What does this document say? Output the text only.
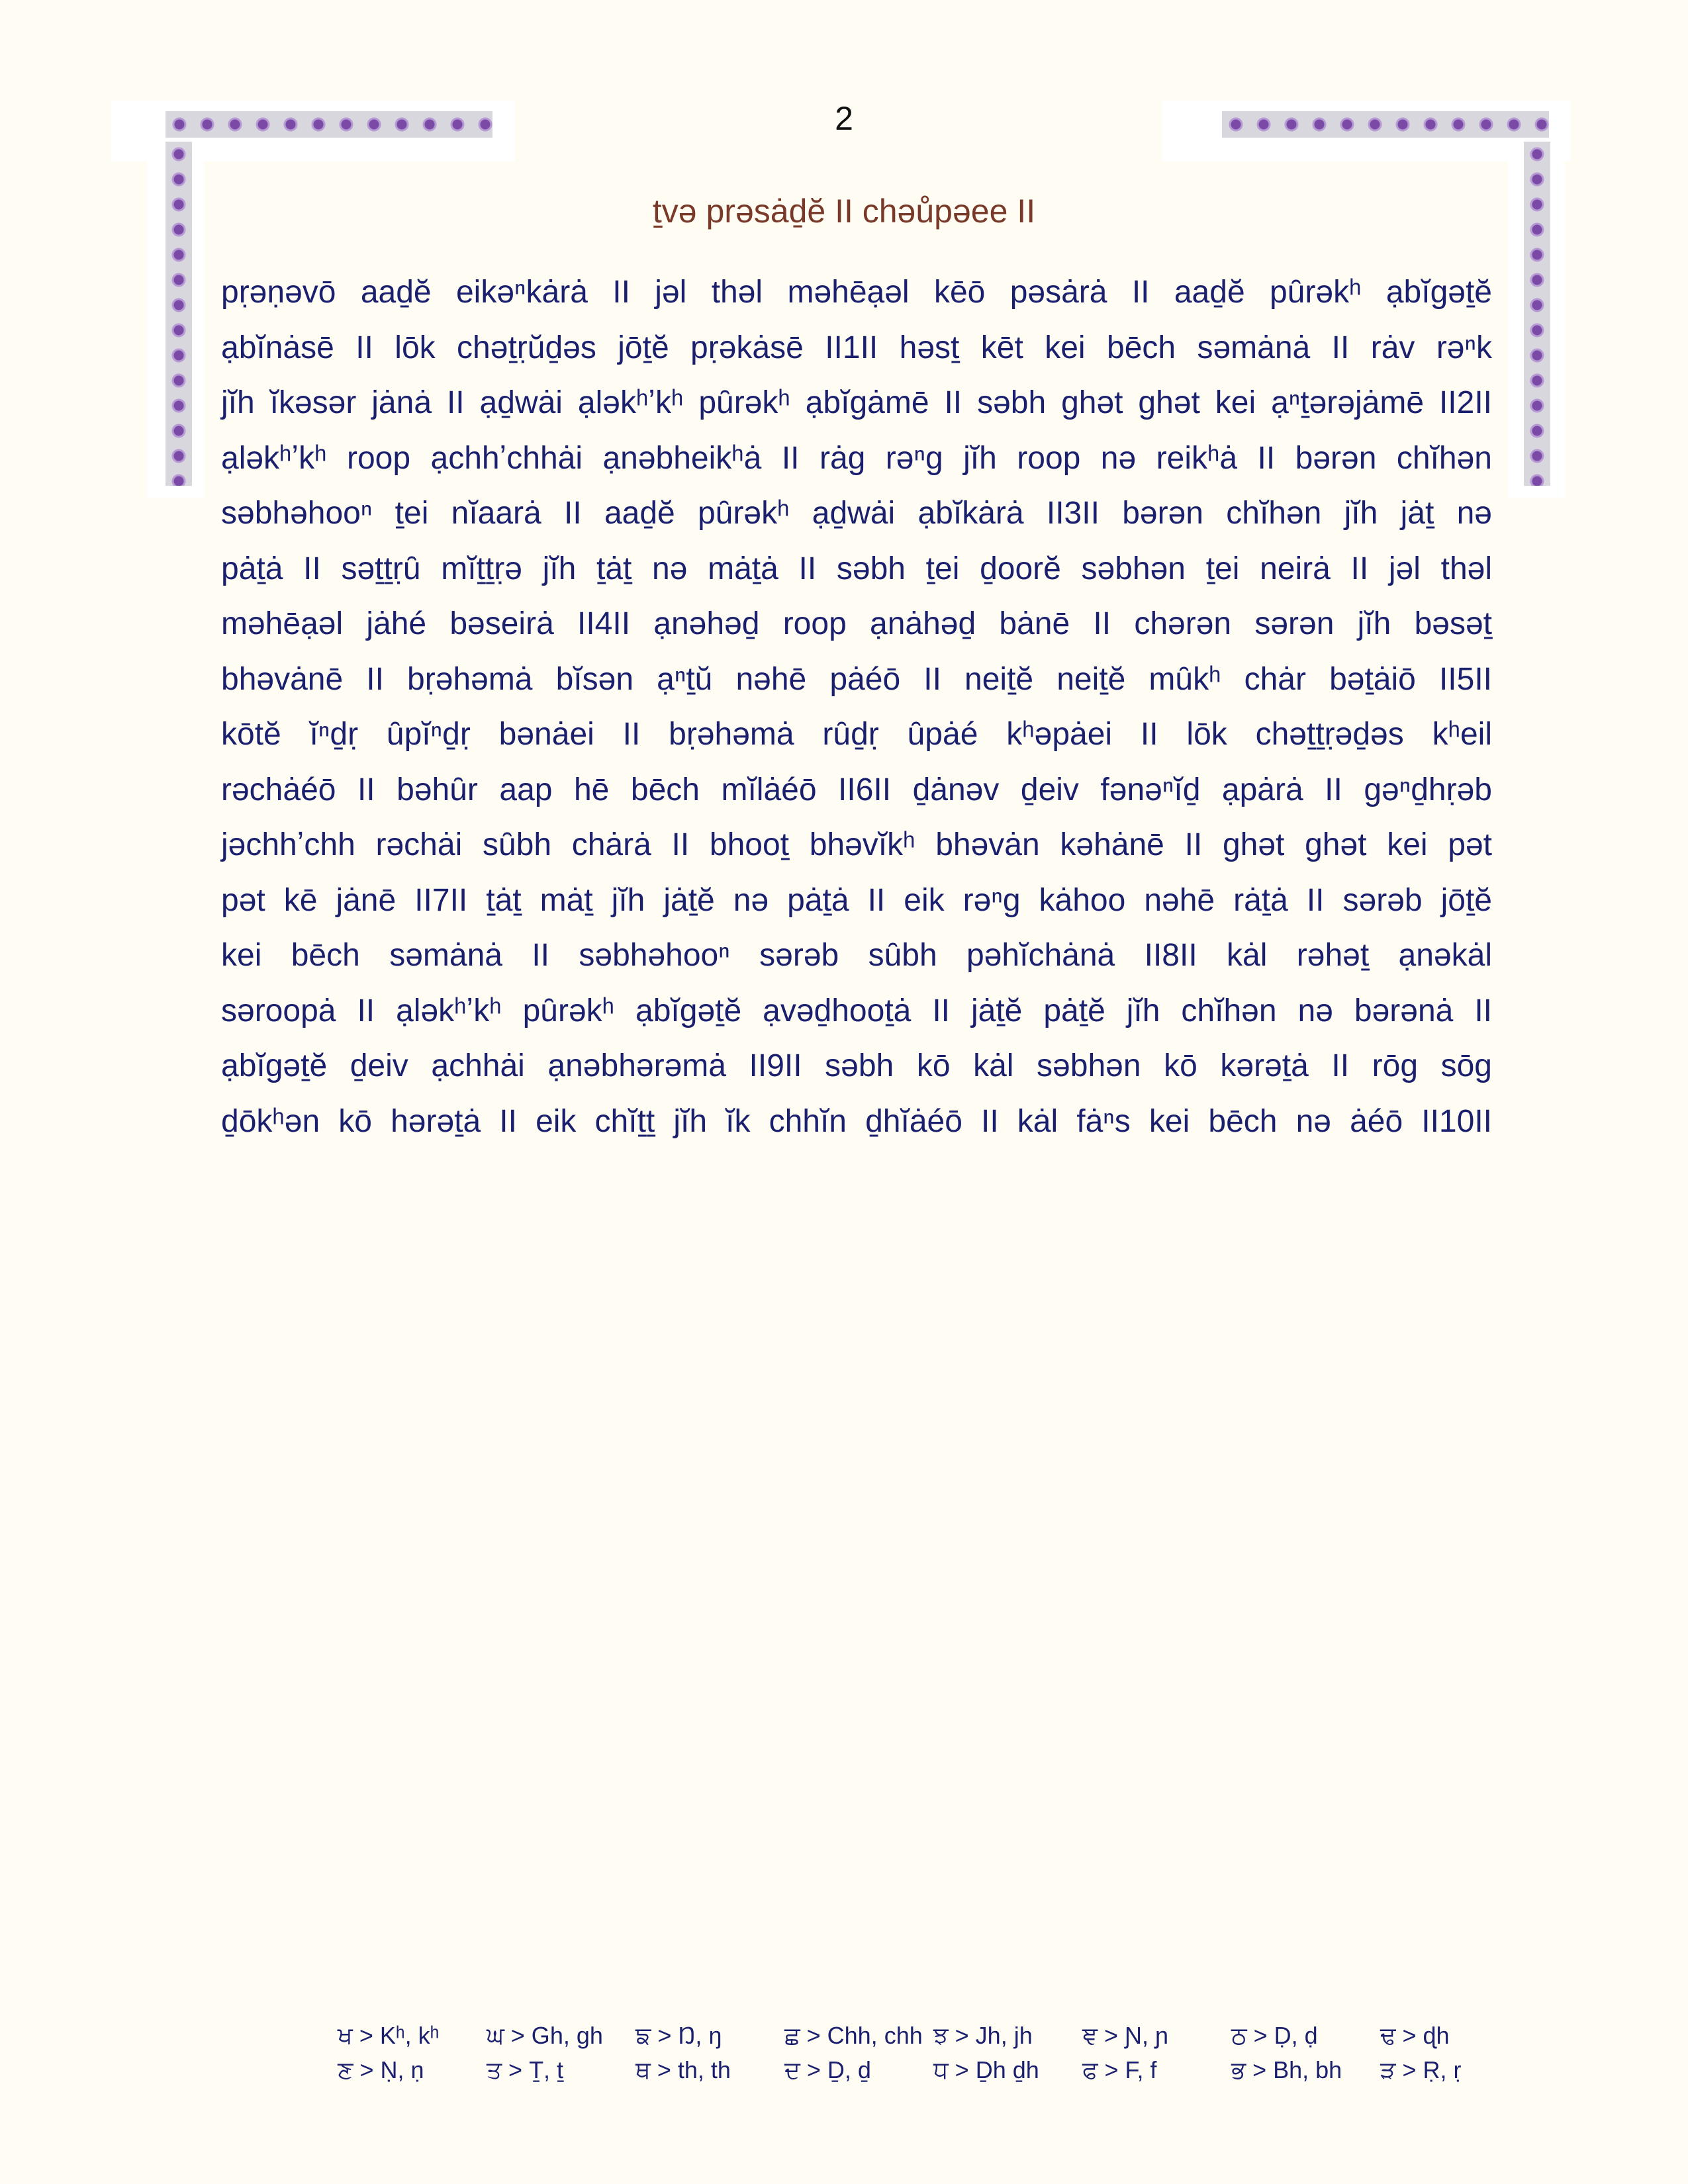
2
ṯvə prəsȧḏĕ II chəůpəee II
pṛəṇəvō aaḏĕ eikəⁿkȧrȧ II jəl thəl məhēạəl kēō pəsȧrȧ II aaḏĕ pȗrəkʰ ạbĭgəṯĕ
ạbĭnȧsē II lōk chəṯṛŭḏəs jōṯĕ pṛəkȧsē II1II həsṯ kēt kei bēch səmȧnȧ II rȧv rəⁿk
jĭh ĭkəsər jȧnȧ II ạḏwȧi ạləkʰʼkʰ pȗrəkʰ ạbĭgȧmē II səbh ghət ghət kei ạⁿṯərəjȧmē II2II
ạləkʰʼkʰ roop ạchhʼchhȧi ạnəbheikʰȧ II rȧg rəⁿg jĭh roop nə reikʰȧ II bərən chĭhən
səbhəhooⁿ ṯei nĭaarȧ II aaḏĕ pȗrəkʰ ạḏwȧi ạbĭkȧrȧ II3II bərən chĭhən jĭh jȧṯ nə
pȧṯȧ II səṯṯṛȗ mĭṯṯṛə jĭh ṯȧṯ nə mȧṯȧ II səbh ṯei ḏoorĕ səbhən ṯei neirȧ II jəl thəl
məhēạəl jȧhé bəseirȧ II4II ạnəhəḏ roop ạnȧhəḏ bȧnē II chərən sərən jĭh bəsəṯ
bhəvȧnē II bṛəhəmȧ bĭsən ạⁿṯŭ nəhē pȧéō II neiṯĕ neiṯĕ mȗkʰ chȧr bəṯȧiō II5II
kōtĕ ĭⁿḏṛ ȗpĭⁿḏṛ bənȧei II bṛəhəmȧ rȗḏṛ ȗpȧé kʰəpȧei II lōk chəṯṯṛəḏəs kʰeil
rəchȧéō II bəhȗr aap hē bēch mĭlȧéō II6II ḏȧnəv ḏeiv fənəⁿĭḏ ạpȧrȧ II gəⁿḏhṛəb
jəchhʼchh rəchȧi sȗbh chȧrȧ II bhooṯ bhəvĭkʰ bhəvȧn kəhȧnē II ghət ghət kei pət
pət kē jȧnē II7II ṯȧṯ mȧṯ jĭh jȧṯĕ nə pȧṯȧ II eik rəⁿg kȧhoo nəhē rȧṯȧ II sərəb jōṯĕ
kei bēch səmȧnȧ II səbhəhooⁿ sərəb sȗbh pəhĭchȧnȧ II8II kȧl rəhəṯ ạnəkȧl
səroopȧ II ạləkʰʼkʰ pȗrəkʰ ạbĭgəṯĕ ạvəḏhooṯȧ II jȧṯĕ pȧṯĕ jĭh chĭhən nə bərənȧ II
ạbĭgəṯĕ ḏeiv ạchhȧi ạnəbhərəmȧ II9II səbh kō kȧl səbhən kō kərəṯȧ II rōg sōg
ḏōkʰən kō hərəṯȧ II eik chĭṯṯ jĭh ĭk chhĭn ḏhĭȧéō II kȧl fȧⁿs kei bēch nə ȧéō II10II
ਖ > Kʰ, kʰ	ਘ > Gh, gh	ਙ > Ŋ, ŋ	ਛ > Chh, chh ਝ > Jh, jh	ਞ > Ɲ, ɲ	ਠ > Ḍ, ḍ	ਢ > ɖh
ਣ > Ṇ, ṇ	ਤ > Ṯ, ṯ	ਥ > th, th	ਦ > Ḏ, ḏ	ਧ > Ḏh ḏh	ਫ > F, f	ਭ > Bh, bh	ੜ > Ṛ, ṛ
